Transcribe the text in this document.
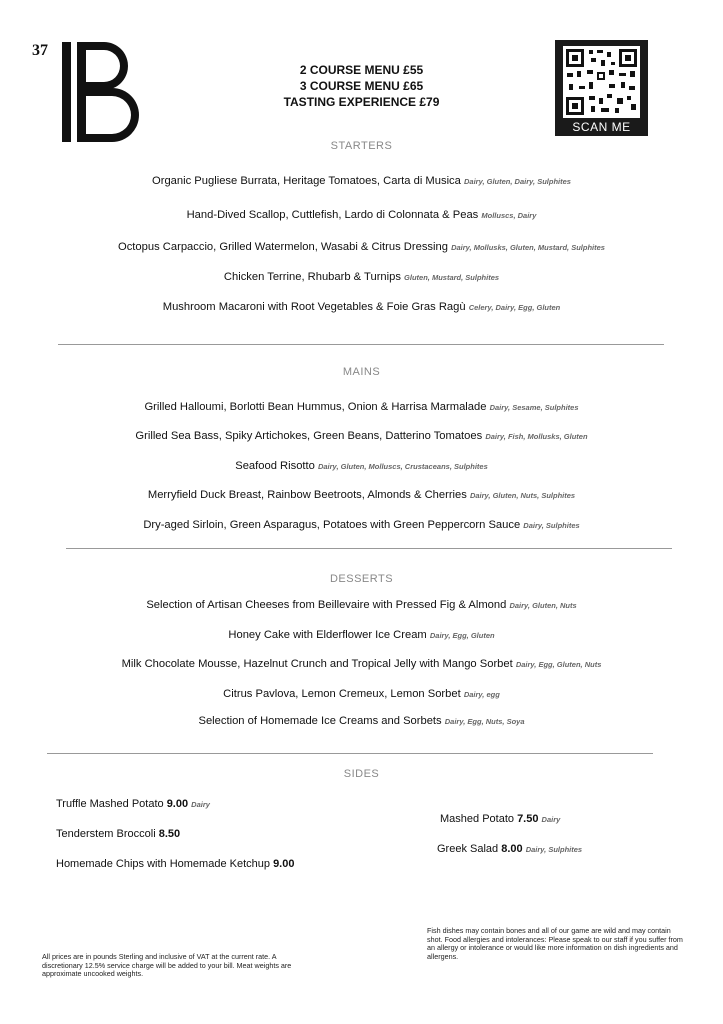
37
2 COURSE MENU £55
3 COURSE MENU £65
TASTING EXPERIENCE £79
SCAN ME
STARTERS
Organic Pugliese Burrata, Heritage Tomatoes, Carta di Musica Dairy, Gluten, Dairy, Sulphites
Hand-Dived Scallop, Cuttlefish, Lardo di Colonnata & Peas Molluscs, Dairy
Octopus Carpaccio, Grilled Watermelon, Wasabi & Citrus Dressing Dairy, Mollusks, Gluten, Mustard, Sulphites
Chicken Terrine, Rhubarb & Turnips Gluten, Mustard, Sulphites
Mushroom Macaroni with Root Vegetables & Foie Gras Ragù Celery, Dairy, Egg, Gluten
MAINS
Grilled Halloumi, Borlotti Bean Hummus, Onion & Harrisa Marmalade Dairy, Sesame, Sulphites
Grilled Sea Bass, Spiky Artichokes, Green Beans, Datterino Tomatoes Dairy, Fish, Mollusks, Gluten
Seafood Risotto Dairy, Gluten, Molluscs, Crustaceans, Sulphites
Merryfield Duck Breast, Rainbow Beetroots, Almonds & Cherries Dairy, Gluten, Nuts, Sulphites
Dry-aged Sirloin, Green Asparagus, Potatoes with Green Peppercorn Sauce Dairy, Sulphites
DESSERTS
Selection of Artisan Cheeses from Beillevaire with Pressed Fig & Almond Dairy, Gluten, Nuts
Honey Cake with Elderflower Ice Cream Dairy, Egg, Gluten
Milk Chocolate Mousse, Hazelnut Crunch and Tropical Jelly with Mango Sorbet Dairy, Egg, Gluten, Nuts
Citrus Pavlova, Lemon Cremeux, Lemon Sorbet Dairy, egg
Selection of Homemade Ice Creams and Sorbets Dairy, Egg, Nuts, Soya
SIDES
Truffle Mashed Potato 9.00 Dairy
Tenderstem Broccoli 8.50
Homemade Chips with Homemade Ketchup 9.00
Mashed Potato 7.50 Dairy
Greek Salad 8.00 Dairy, Sulphites
All prices are in pounds Sterling and inclusive of VAT at the current rate. A discretionary 12.5% service charge will be added to your bill. Meat weights are approximate uncooked weights.
Fish dishes may contain bones and all of our game are wild and may contain shot. Food allergies and intolerances: Please speak to our staff if you suffer from an allergy or intolerance or would like more information on dish ingredients and allergens.
